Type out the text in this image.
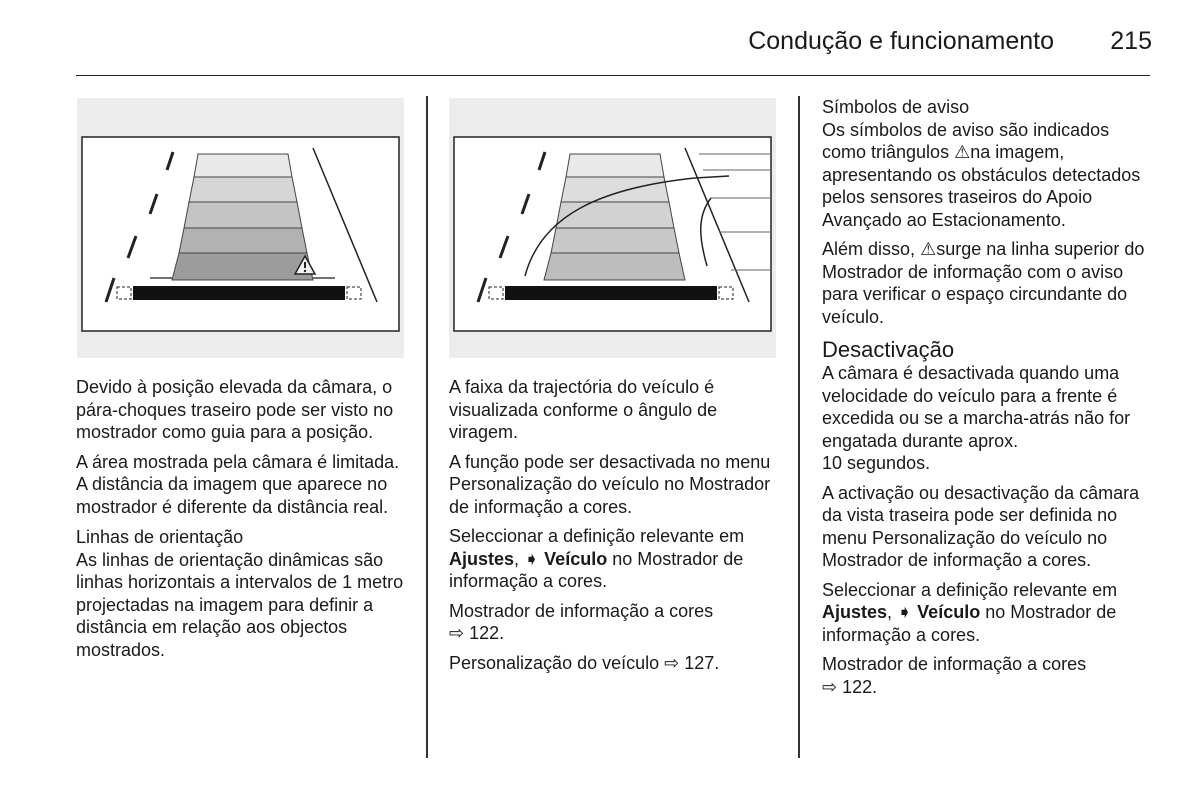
Condução e funcionamento 215

Devido à posição elevada da câmara, o pára-choques traseiro pode ser visto no mostrador como guia para a posição.

A área mostrada pela câmara é limitada. A distância da imagem que aparece no mostrador é diferente da distância real.

Linhas de orientação

As linhas de orientação dinâmicas são linhas horizontais a intervalos de 1 metro projectadas na imagem para definir a distância em relação aos objectos mostrados.

A faixa da trajectória do veículo é visualizada conforme o ângulo de viragem.

A função pode ser desactivada no menu Personalização do veículo no Mostrador de informação a cores.

Seleccionar a definição relevante em Ajustes, ➧ Veículo no Mostrador de informação a cores.

Mostrador de informação a cores
⇨ 122.

Personalização do veículo ⇨ 127.

Símbolos de aviso

Os símbolos de aviso são indicados como triângulos ⚠na imagem, apresentando os obstáculos detectados pelos sensores traseiros do Apoio Avançado ao Estacionamento.

Além disso, ⚠surge na linha superior do Mostrador de informação com o aviso para verificar o espaço circundante do veículo.

Desactivação

A câmara é desactivada quando uma velocidade do veículo para a frente é excedida ou se a marcha-atrás não for engatada durante aprox.
10 segundos.

A activação ou desactivação da câmara da vista traseira pode ser definida no menu Personalização do veículo no Mostrador de informação a cores.

Seleccionar a definição relevante em Ajustes, ➧ Veículo no Mostrador de informação a cores.

Mostrador de informação a cores
⇨ 122.
